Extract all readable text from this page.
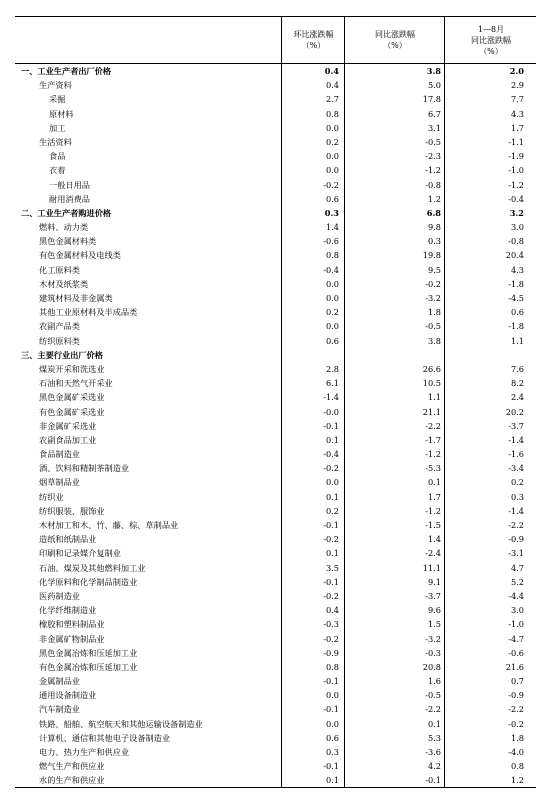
环比涨跌幅
（%）
同比涨跌幅
（%）
1—8月
同比涨跌幅
（%）
一、工业生产者出厂价格	0.4	3.8	2.0
生产资料	0.4	5.0	2.9
采掘	2.7	17.8	7.7
原材料	0.8	6.7	4.3
加工	0.0	3.1	1.7
生活资料	0.2	-0.5	-1.1
食品	0.0	-2.3	-1.9
衣着	0.0	-1.2	-1.0
一般日用品	-0.2	-0.8	-1.2
耐用消费品	0.6	1.2	-0.4
二、工业生产者购进价格	0.3	6.8	3.2
燃料、动力类	1.4	9.8	3.0
黑色金属材料类	-0.6	0.3	-0.8
有色金属材料及电线类	0.8	19.8	20.4
化工原料类	-0.4	9.5	4.3
木材及纸浆类	0.0	-0.2	-1.8
建筑材料及非金属类	0.0	-3.2	-4.5
其他工业原材料及半成品类	0.2	1.8	0.6
农副产品类	0.0	-0.5	-1.8
纺织原料类	0.6	3.8	1.1
三、主要行业出厂价格
煤炭开采和洗选业	2.8	26.6	7.6
石油和天然气开采业	6.1	10.5	8.2
黑色金属矿采选业	-1.4	1.1	2.4
有色金属矿采选业	-0.0	21.1	20.2
非金属矿采选业	-0.1	-2.2	-3.7
农副食品加工业	0.1	-1.7	-1.4
食品制造业	-0.4	-1.2	-1.6
酒、饮料和精制茶制造业	-0.2	-5.3	-3.4
烟草制品业	0.0	0.1	0.2
纺织业	0.1	1.7	0.3
纺织服装、服饰业	0.2	-1.2	-1.4
木材加工和木、竹、藤、棕、草制品业	-0.1	-1.5	-2.2
造纸和纸制品业	-0.2	1.4	-0.9
印刷和记录媒介复制业	0.1	-2.4	-3.1
石油、煤炭及其他燃料加工业	3.5	11.1	4.7
化学原料和化学制品制造业	-0.1	9.1	5.2
医药制造业	-0.2	-3.7	-4.4
化学纤维制造业	0.4	9.6	3.0
橡胶和塑料制品业	-0.3	1.5	-1.0
非金属矿物制品业	-0.2	-3.2	-4.7
黑色金属冶炼和压延加工业	-0.9	-0.3	-0.6
有色金属冶炼和压延加工业	0.8	20.8	21.6
金属制品业	-0.1	1.6	0.7
通用设备制造业	0.0	-0.5	-0.9
汽车制造业	-0.1	-2.2	-2.2
铁路、船舶、航空航天和其他运输设备制造业	0.0	0.1	-0.2
计算机、通信和其他电子设备制造业	0.6	5.3	1.8
电力、热力生产和供应业	0.3	-3.6	-4.0
燃气生产和供应业	-0.1	4.2	0.8
水的生产和供应业	0.1	-0.1	1.2
